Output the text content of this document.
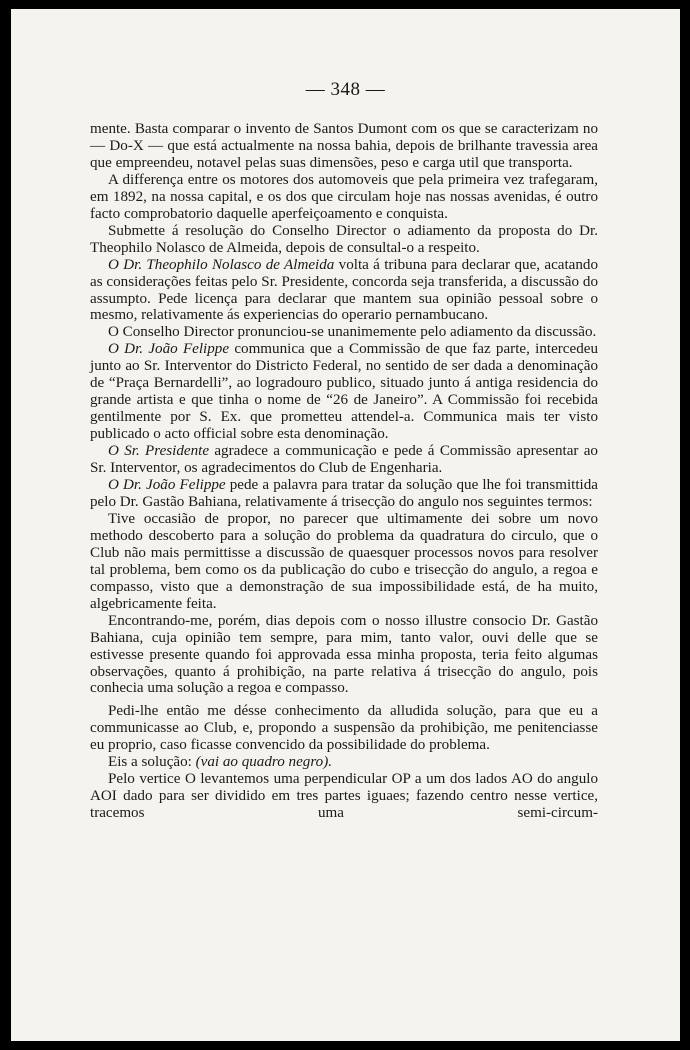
— 348 —

mente. Basta comparar o invento de Santos Dumont com os que se caracterizam no — Do-X — que está actualmente na nossa bahia, depois de brilhante travessia area que empreendeu, notavel pelas suas dimensões, peso e carga util que transporta.

A differença entre os motores dos automoveis que pela primeira vez trafegaram, em 1892, na nossa capital, e os dos que circulam hoje nas nossas avenidas, é outro facto comprobatorio daquelle aperfeiçoamento e conquista.

Submette á resolução do Conselho Director o adiamento da proposta do Dr. Theophilo Nolasco de Almeida, depois de consultal-o a respeito.

O Dr. Theophilo Nolasco de Almeida volta á tribuna para declarar que, acatando as considerações feitas pelo Sr. Presidente, concorda seja transferida, a discussão do assumpto. Pede licença para declarar que mantem sua opinião pessoal sobre o mesmo, relativamente ás experiencias do operario pernambucano.

O Conselho Director pronunciou-se unanimemente pelo adiamento da discussão.

O Dr. João Felippe communica que a Commissão de que faz parte, intercedeu junto ao Sr. Interventor do Districto Federal, no sentido de ser dada a denominação de “Praça Bernardelli”, ao logradouro publico, situado junto á antiga residencia do grande artista e que tinha o nome de “26 de Janeiro”. A Commissão foi recebida gentilmente por S. Ex. que prometteu attendel-a. Communica mais ter visto publicado o acto official sobre esta denominação.

O Sr. Presidente agradece a communicação e pede á Commissão apresentar ao Sr. Interventor, os agradecimentos do Club de Engenharia.

O Dr. João Felippe pede a palavra para tratar da solução que lhe foi transmittida pelo Dr. Gastão Bahiana, relativamente á trisecção do angulo nos seguintes termos:

Tive occasião de propor, no parecer que ultimamente dei sobre um novo methodo descoberto para a solução do problema da quadratura do circulo, que o Club não mais permittisse a discussão de quaesquer processos novos para resolver tal problema, bem como os da publicação do cubo e trisecção do angulo, a regoa e compasso, visto que a demonstração de sua impossibilidade está, de ha muito, algebricamente feita.

Encontrando-me, porém, dias depois com o nosso illustre consocio Dr. Gastão Bahiana, cuja opinião tem sempre, para mim, tanto valor, ouvi delle que se estivesse presente quando foi approvada essa minha proposta, teria feito algumas observações, quanto á prohibição, na parte relativa á trisecção do angulo, pois conhecia uma solução a regoa e compasso.

Pedi-lhe então me désse conhecimento da alludida solução, para que eu a communicasse ao Club, e, propondo a suspensão da prohibição, me penitenciasse eu proprio, caso ficasse convencido da possibilidade do problema.

Eis a solução: (vai ao quadro negro).

Pelo vertice O levantemos uma perpendicular OP a um dos lados AO do angulo AOI dado para ser dividido em tres partes iguaes; fazendo centro nesse vertice, tracemos uma semi-circum-
